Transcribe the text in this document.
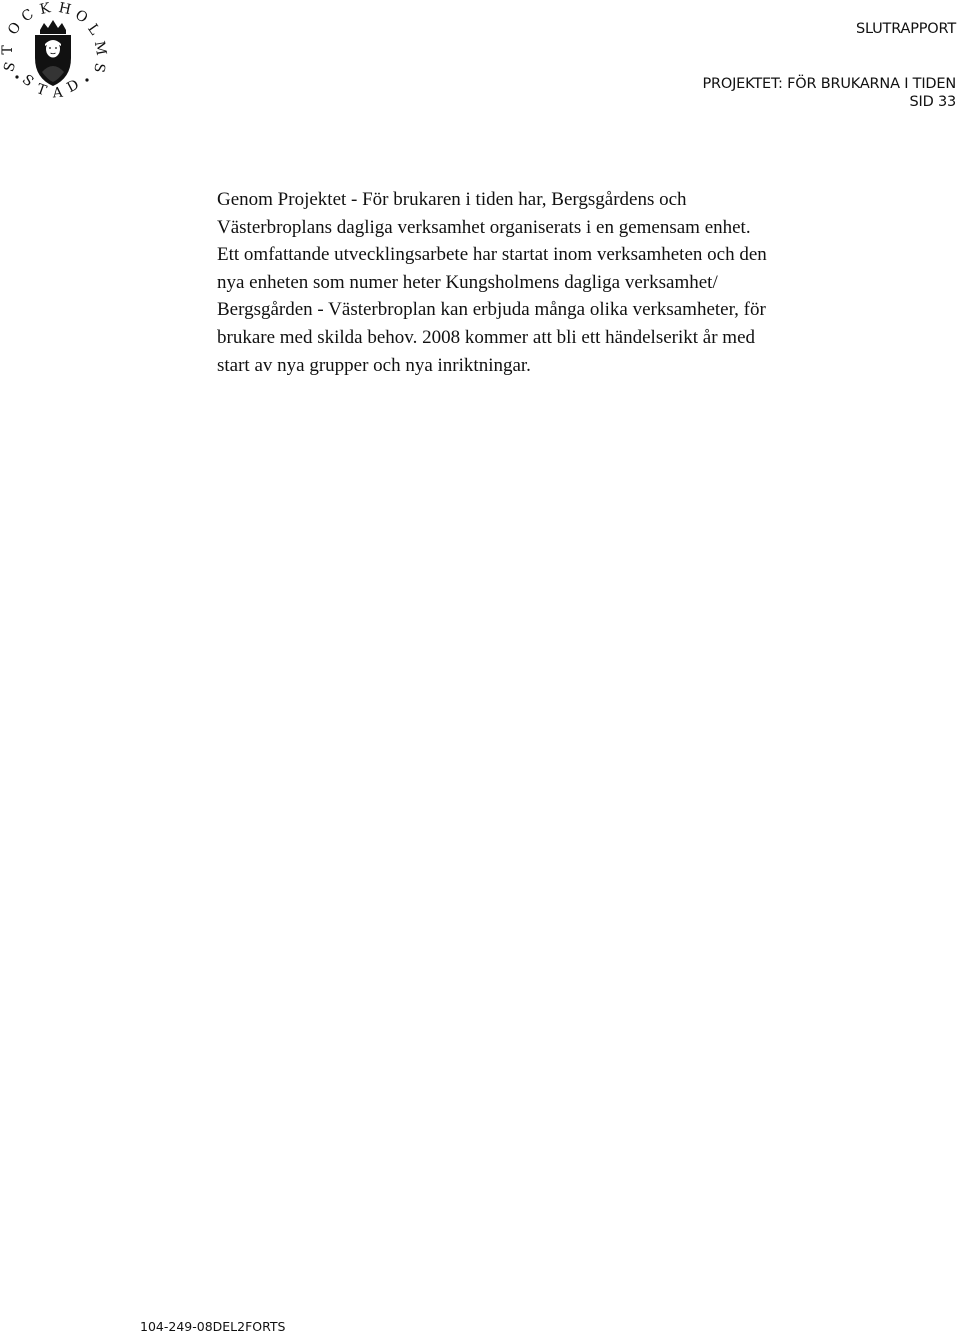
S
T
O
C K H O
L
M
S
S
T A D
SLUTRAPPORT
PROJEKTET: FÖR BRUKARNA I TIDEN
SID 33

Genom Projektet - För brukaren i tiden har, Bergsgårdens och

Västerbroplans dagliga verksamhet organiserats i en gemensam enhet.

Ett omfattande utvecklingsarbete har startat inom verksamheten och den

nya enheten som numer heter Kungsholmens dagliga verksamhet/

Bergsgården - Västerbroplan kan erbjuda många olika verksamheter, för

brukare med skilda behov. 2008 kommer att bli ett händelserikt år med

start av nya grupper och nya inriktningar.

104-249-08DEL2FORTS
